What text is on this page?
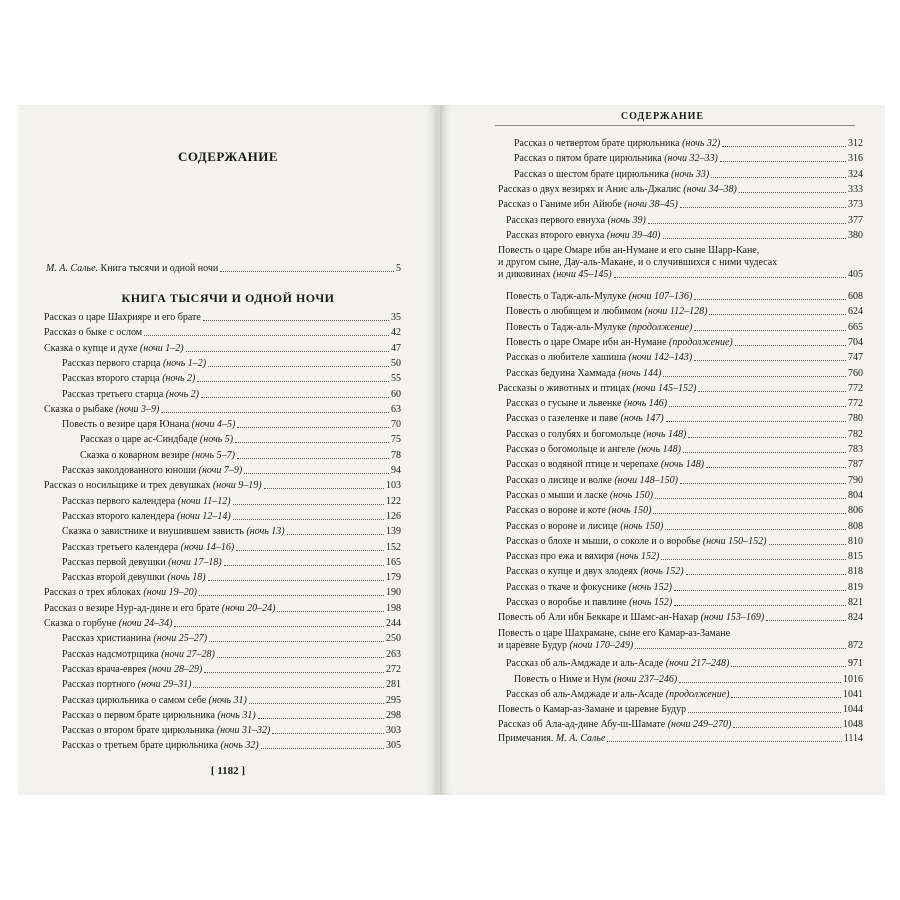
СОДЕРЖАНИЕ
М. А. Салье. Книга тысячи и одной ночи	5
КНИГА ТЫСЯЧИ И ОДНОЙ НОЧИ
Рассказ о царе Шахрияре и его брате	35
Рассказ о быке с ослом	42
Сказка о купце и духе (ночи 1–2)	47
Рассказ первого старца (ночь 1–2)	50
Рассказ второго старца (ночь 2)	55
Рассказ третьего старца (ночь 2)	60
Сказка о рыбаке (ночи 3–9)	63
Повесть о везире царя Юнана (ночи 4–5)	70
Рассказ о царе ас-Синдбаде (ночь 5)	75
Сказка о коварном везире (ночь 5–7)	78
Рассказ заколдованного юноши (ночи 7–9)	94
Рассказ о носильщике и трех девушках (ночи 9–19)	103
Рассказ первого календера (ночи 11–12)	122
Рассказ второго календера (ночи 12–14)	126
Сказка о завистнике и внушившем зависть (ночь 13)	139
Рассказ третьего календера (ночи 14–16)	152
Рассказ первой девушки (ночи 17–18)	165
Рассказ второй девушки (ночь 18)	179
Рассказ о трех яблоках (ночи 19–20)	190
Рассказ о везире Нур-ад-дине и его брате (ночи 20–24)	198
Сказка о горбуне (ночи 24–34)	244
Рассказ христианина (ночи 25–27)	250
Рассказ надсмотрщика (ночи 27–28)	263
Рассказ врача-еврея (ночи 28–29)	272
Рассказ портного (ночи 29–31)	281
Рассказ цирюльника о самом себе (ночь 31)	295
Рассказ о первом брате цирюльника (ночь 31)	298
Рассказ о втором брате цирюльника (ночи 31–32)	303
Рассказ о третьем брате цирюльника (ночь 32)	305
[ 1182 ]
СОДЕРЖАНИЕ
Рассказ о четвертом брате цирюльника (ночь 32)	312
Рассказ о пятом брате цирюльника (ночи 32–33)	316
Рассказ о шестом брате цирюльника (ночь 33)	324
Рассказ о двух везирях и Анис аль-Джалис (ночи 34–38)	333
Рассказ о Ганиме ибн Айюбе (ночи 38–45)	373
Рассказ первого евнуха (ночь 39)	377
Рассказ второго евнуха (ночи 39–40)	380
Повесть о царе Омаре ибн ан-Нумане и его сыне Шарр-Кане,
и другом сыне, Дау-аль-Макане, и о случившихся с ними чудесах
и диковинах (ночи 45–145)	405
Повесть о Тадж-аль-Мулуке (ночи 107–136)	608
Повесть о любящем и любимом (ночи 112–128)	624
Повесть о Тадж-аль-Мулуке (продолжение)	665
Повесть о царе Омаре ибн ан-Нумане (продолжение)	704
Рассказ о любителе хашиша (ночи 142–143)	747
Рассказ бедуина Хаммада (ночь 144)	760
Рассказы о животных и птицах (ночи 145–152)	772
Рассказ о гусыне и львенке (ночь 146)	772
Рассказ о газеленке и паве (ночь 147)	780
Рассказ о голубях и богомольце (ночь 148)	782
Рассказ о богомольце и ангеле (ночь 148)	783
Рассказ о водяной птице и черепахе (ночь 148)	787
Рассказ о лисице и волке (ночи 148–150)	790
Рассказ о мыши и ласке (ночь 150)	804
Рассказ о вороне и коте (ночь 150)	806
Рассказ о вороне и лисице (ночь 150)	808
Рассказ о блохе и мыши, о соколе и о воробье (ночи 150–152)	810
Рассказ про ежа и вяхиря (ночь 152)	815
Рассказ о купце и двух злодеях (ночь 152)	818
Рассказ о ткаче и фокуснике (ночь 152)	819
Рассказ о воробье и павлине (ночь 152)	821
Повесть об Али ибн Беккаре и Шамс-ан-Нахар (ночи 153–169)	824
Повесть о царе Шахрамане, сыне его Камар-аз-Замане
и царевне Будур (ночи 170–249)	872
Рассказ об аль-Амджаде и аль-Асаде (ночи 217–248)	971
Повесть о Ниме и Нум (ночи 237–246)	1016
Рассказ об аль-Амджаде и аль-Асаде (продолжение)	1041
Повесть о Камар-аз-Замане и царевне Будур	1044
Рассказ об Ала-ад-дине Абу-ш-Шамате (ночи 249–270)	1048
Примечания. М. А. Салье	1114
